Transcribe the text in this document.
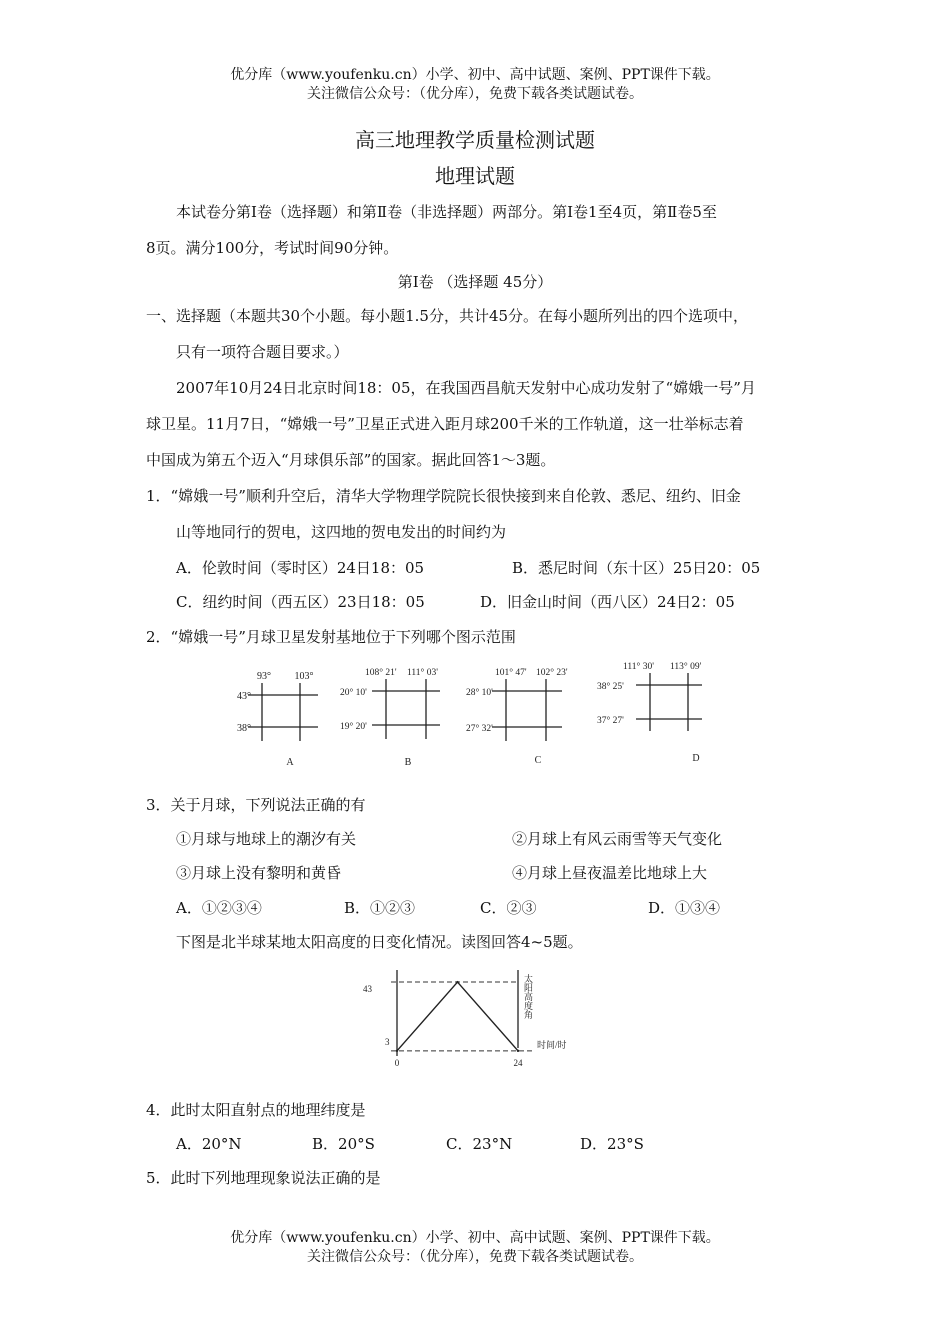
优分库（www.youfenku.cn）小学、初中、高中试题、案例、PPT课件下载。
关注微信公众号：（优分库），免费下载各类试题试卷。
高三地理教学质量检测试题
地理试题
本试卷分第Ⅰ卷（选择题）和第Ⅱ卷（非选择题）两部分。第Ⅰ卷1至4页，第Ⅱ卷5至
8页。满分100分，考试时间90分钟。
第Ⅰ卷 （选择题 45分）
一、选择题（本题共30个小题。每小题1.5分，共计45分。在每小题所列出的四个选项中，
只有一项符合题目要求。）
2007年10月24日北京时间18：05，在我国西昌航天发射中心成功发射了“嫦娥一号”月
球卫星。11月7日，“嫦娥一号”卫星正式进入距月球200千米的工作轨道，这一壮举标志着
中国成为第五个迈入“月球俱乐部”的国家。据此回答1～3题。
1．“嫦娥一号”顺利升空后，清华大学物理学院院长很快接到来自伦敦、悉尼、纽约、旧金
山等地同行的贺电，这四地的贺电发出的时间约为
A．伦敦时间（零时区）24日18：05	B．悉尼时间（东十区）25日20：05
C．纽约时间（西五区）23日18：05	D．旧金山时间（西八区）24日2：05
2．“嫦娥一号”月球卫星发射基地位于下列哪个图示范围
93° 103°
43°
38°
A
108° 21' 111° 03'
20° 10'
19° 20'
B
101° 47' 102° 23'
28° 10'
27° 32'
C
111° 30' 113° 09'
38° 25'
37° 27'
D
3．关于月球，下列说法正确的有
①月球与地球上的潮汐有关	②月球上有风云雨雪等天气变化
③月球上没有黎明和黄昏	④月球上昼夜温差比地球上大
A．①②③④	B．①②③	C．②③	D．①③④
下图是北半球某地太阳高度的日变化情况。读图回答4~5题。
43
3
0	24
时间/时
太阳高度角
4．此时太阳直射点的地理纬度是
A．20°N	B．20°S	C．23°N	D．23°S
5．此时下列地理现象说法正确的是
优分库（www.youfenku.cn）小学、初中、高中试题、案例、PPT课件下载。
关注微信公众号：（优分库），免费下载各类试题试卷。
